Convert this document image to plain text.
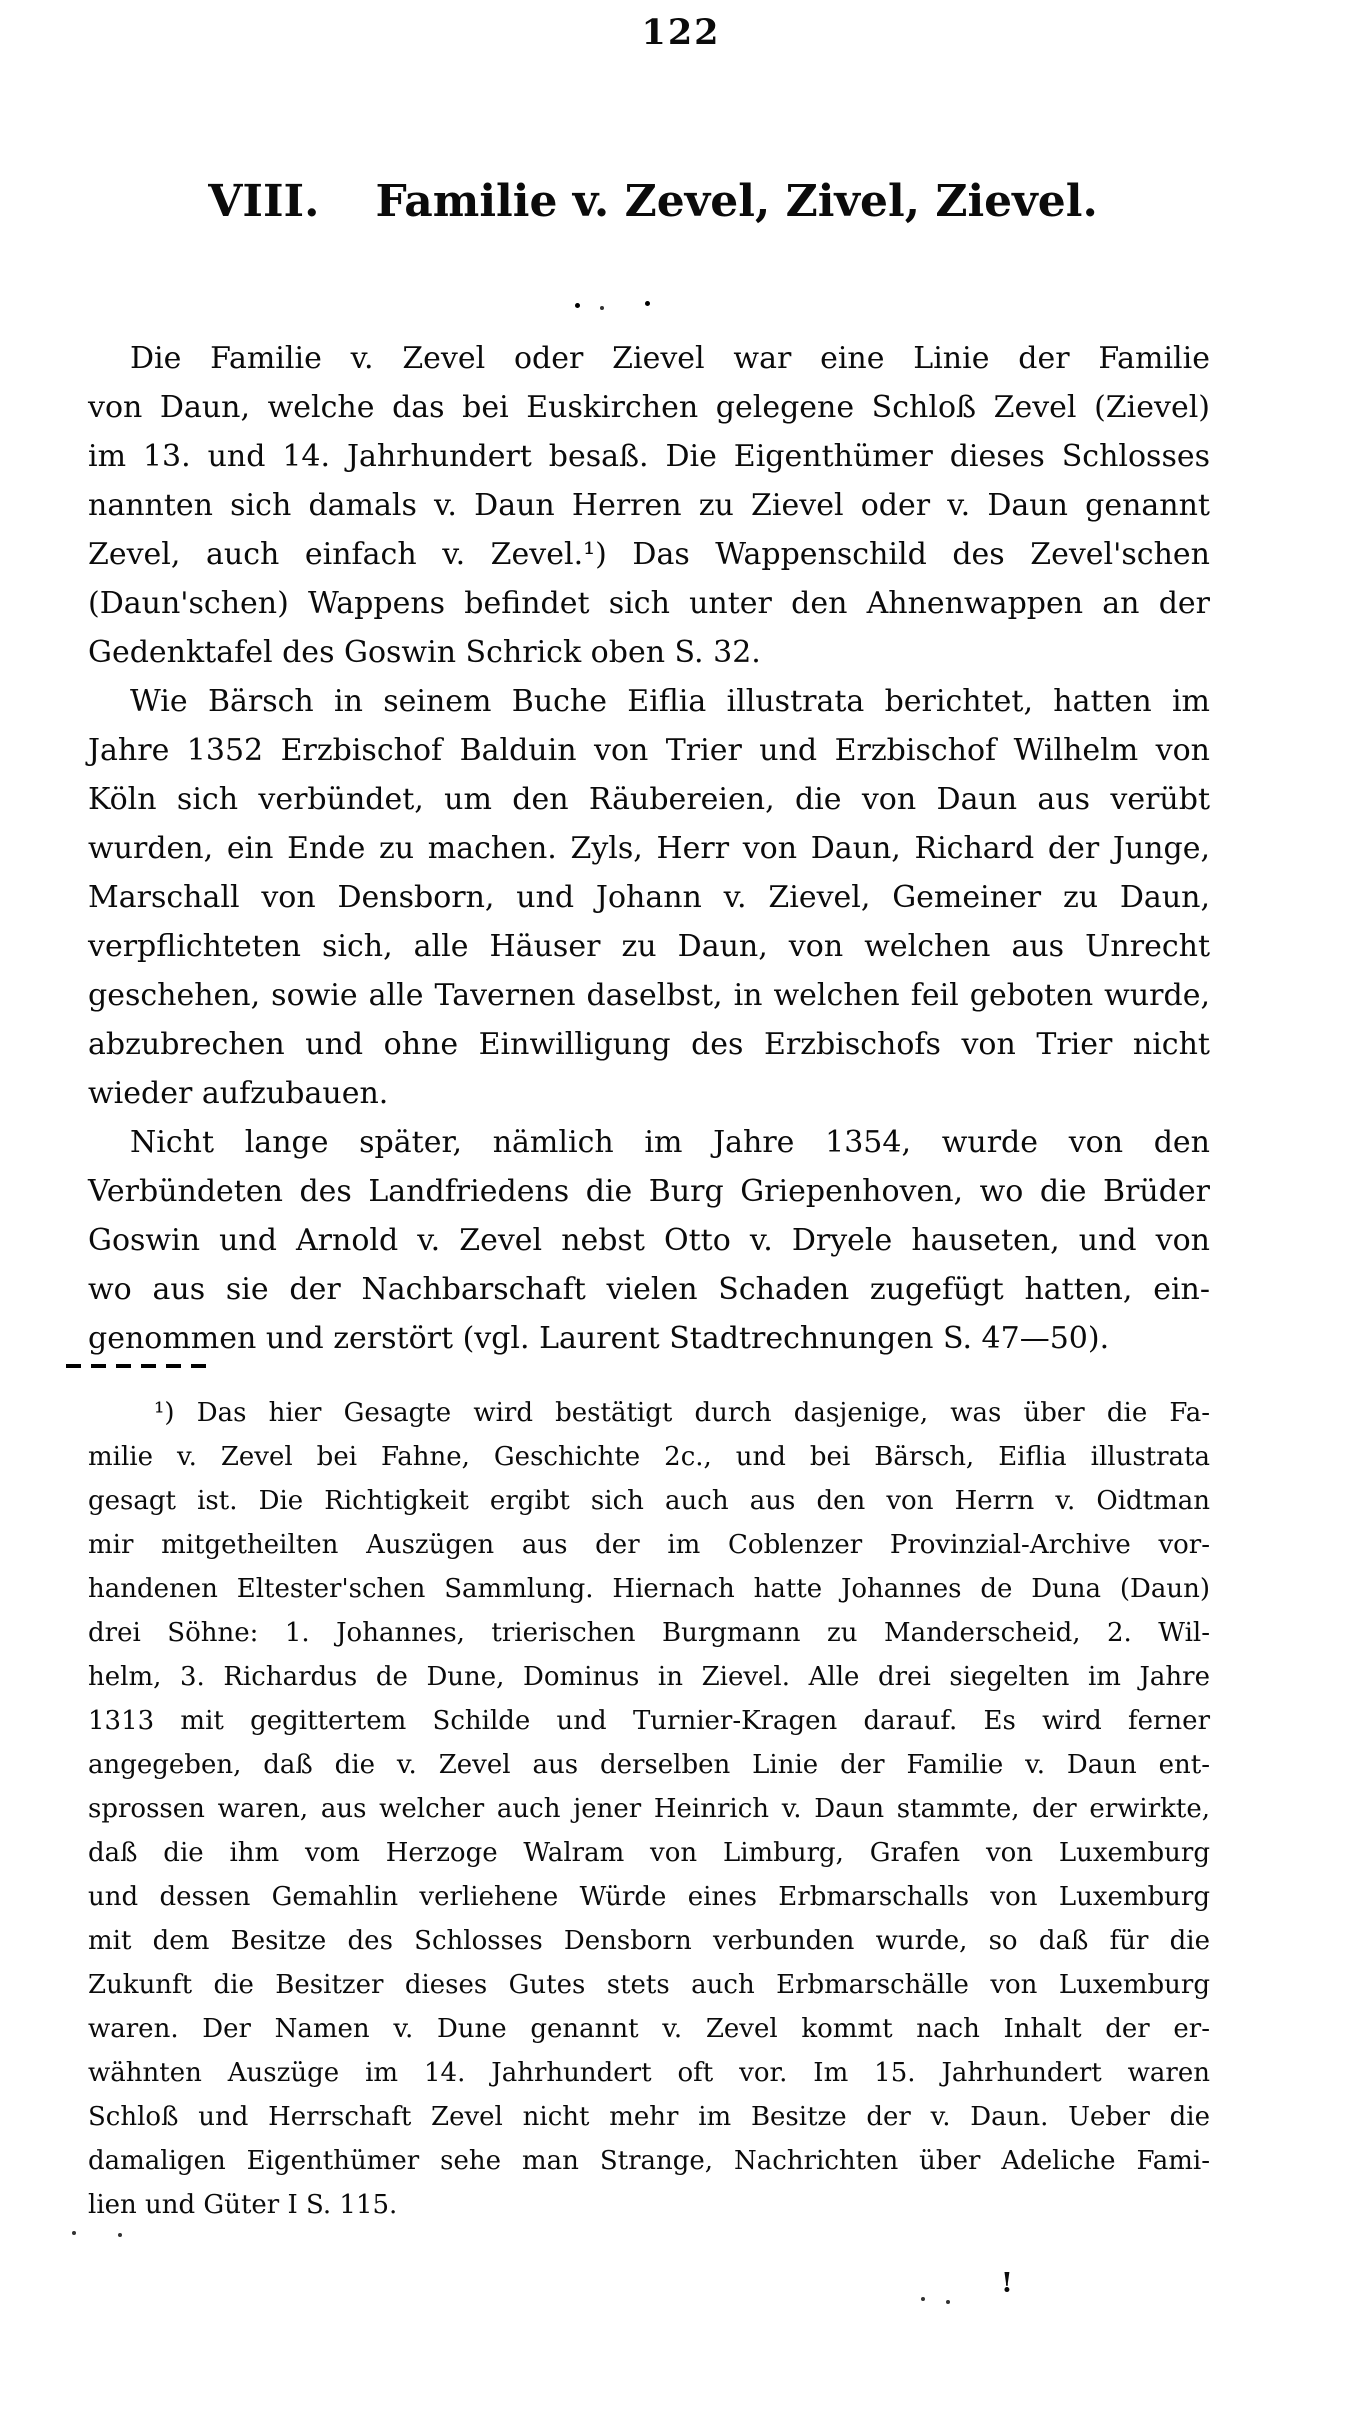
122
VIII. Familie v. Zevel, Zivel, Zievel.
Die Familie v. Zevel oder Zievel war eine Linie der Familie
von Daun, welche das bei Euskirchen gelegene Schloß Zevel (Zievel)
im 13. und 14. Jahrhundert besaß. Die Eigenthümer dieses Schlosses
nannten sich damals v. Daun Herren zu Zievel oder v. Daun genannt
Zevel, auch einfach v. Zevel.¹) Das Wappenschild des Zevel'schen
(Daun'schen) Wappens befindet sich unter den Ahnenwappen an der
Gedenktafel des Goswin Schrick oben S. 32.
Wie Bärsch in seinem Buche Eiflia illustrata berichtet, hatten im
Jahre 1352 Erzbischof Balduin von Trier und Erzbischof Wilhelm von
Köln sich verbündet, um den Räubereien, die von Daun aus verübt
wurden, ein Ende zu machen. Zyls, Herr von Daun, Richard der Junge,
Marschall von Densborn, und Johann v. Zievel, Gemeiner zu Daun,
verpflichteten sich, alle Häuser zu Daun, von welchen aus Unrecht
geschehen, sowie alle Tavernen daselbst, in welchen feil geboten wurde,
abzubrechen und ohne Einwilligung des Erzbischofs von Trier nicht
wieder aufzubauen.
Nicht lange später, nämlich im Jahre 1354, wurde von den
Verbündeten des Landfriedens die Burg Griepenhoven, wo die Brüder
Goswin und Arnold v. Zevel nebst Otto v. Dryele hauseten, und von
wo aus sie der Nachbarschaft vielen Schaden zugefügt hatten, ein-
genommen und zerstört (vgl. Laurent Stadtrechnungen S. 47—50).
¹) Das hier Gesagte wird bestätigt durch dasjenige, was über die Fa-
milie v. Zevel bei Fahne, Geschichte 2c., und bei Bärsch, Eiflia illustrata
gesagt ist. Die Richtigkeit ergibt sich auch aus den von Herrn v. Oidtman
mir mitgetheilten Auszügen aus der im Coblenzer Provinzial-Archive vor-
handenen Eltester'schen Sammlung. Hiernach hatte Johannes de Duna (Daun)
drei Söhne: 1. Johannes, trierischen Burgmann zu Manderscheid, 2. Wil-
helm, 3. Richardus de Dune, Dominus in Zievel. Alle drei siegelten im Jahre
1313 mit gegittertem Schilde und Turnier-Kragen darauf. Es wird ferner
angegeben, daß die v. Zevel aus derselben Linie der Familie v. Daun ent-
sprossen waren, aus welcher auch jener Heinrich v. Daun stammte, der erwirkte,
daß die ihm vom Herzoge Walram von Limburg, Grafen von Luxemburg
und dessen Gemahlin verliehene Würde eines Erbmarschalls von Luxemburg
mit dem Besitze des Schlosses Densborn verbunden wurde, so daß für die
Zukunft die Besitzer dieses Gutes stets auch Erbmarschälle von Luxemburg
waren. Der Namen v. Dune genannt v. Zevel kommt nach Inhalt der er-
wähnten Auszüge im 14. Jahrhundert oft vor. Im 15. Jahrhundert waren
Schloß und Herrschaft Zevel nicht mehr im Besitze der v. Daun. Ueber die
damaligen Eigenthümer sehe man Strange, Nachrichten über Adeliche Fami-
lien und Güter I S. 115.
!
